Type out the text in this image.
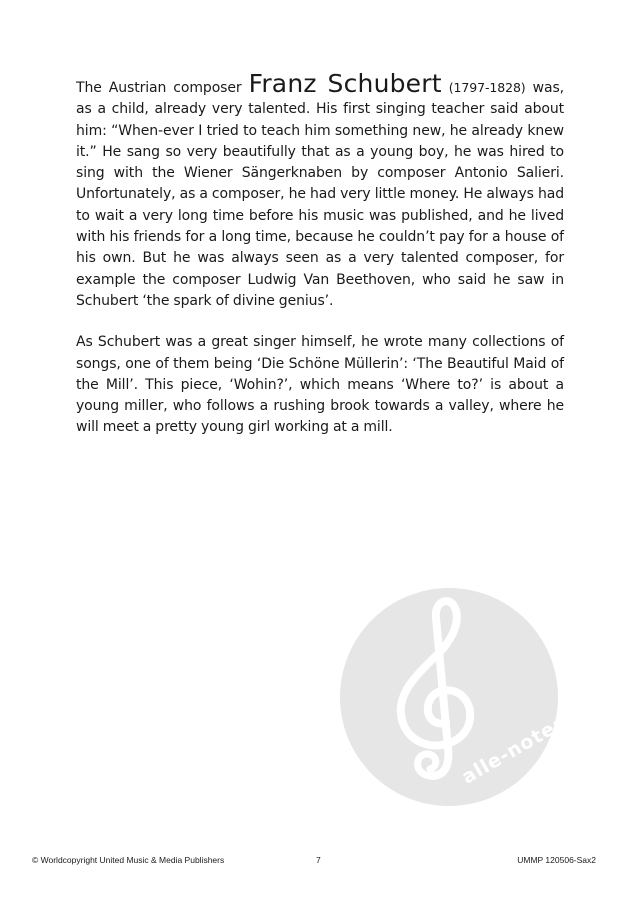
The Austrian composer Franz Schubert (1797-1828) was, as a child, already very talented. His first singing teacher said about him: “When-ever I tried to teach him something new, he already knew it.” He sang so very beautifully that as a young boy, he was hired to sing with the Wiener Sängerknaben by composer Antonio Salieri. Unfortunately, as a composer, he had very little money. He always had to wait a very long time before his music was published, and he lived with his friends for a long time, because he couldn’t pay for a house of his own. But he was always seen as a very talented composer, for example the composer Ludwig Van Beethoven, who said he saw in Schubert ‘the spark of divine genius’.

As Schubert was a great singer himself, he wrote many collections of songs, one of them being ‘Die Schöne Müllerin’: ‘The Beautiful Maid of the Mill’. This piece, ‘Wohin?’, which means ‘Where to?’ is about a young miller, who follows a rushing brook towards a valley, where he will meet a pretty young girl working at a mill.

alle-noten.de
© Worldcopyright United Music & Media Publishers	7	UMMP 120506-Sax2
